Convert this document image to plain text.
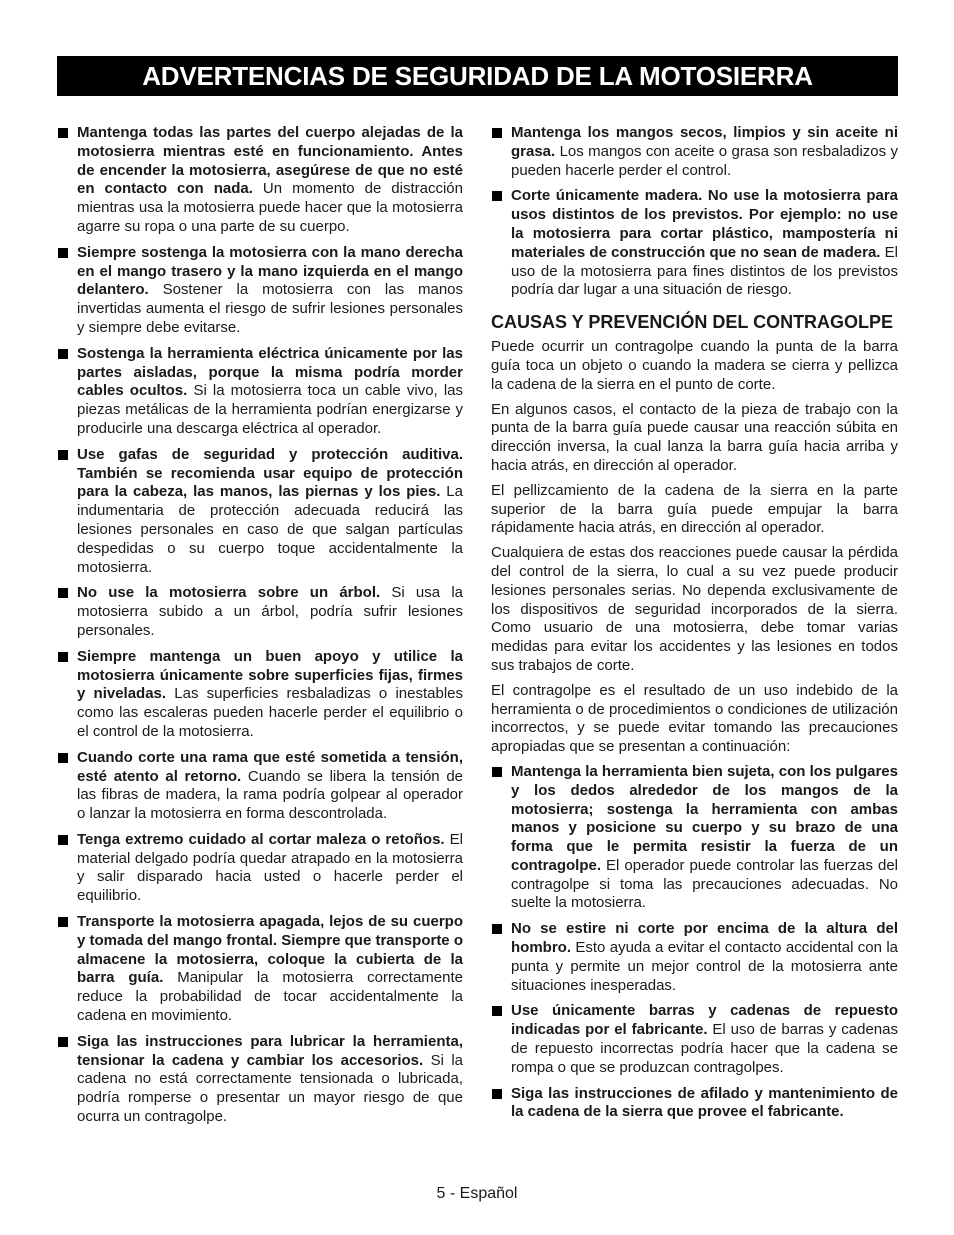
ADVERTENCIAS DE SEGURIDAD DE LA MOTOSIERRA
Mantenga todas las partes del cuerpo alejadas de la motosierra mientras esté en funcionamiento. Antes de encender la motosierra, asegúrese de que no esté en contacto con nada. Un momento de distracción mientras usa la motosierra puede hacer que la motosierra agarre su ropa o una parte de su cuerpo.
Siempre sostenga la motosierra con la mano derecha en el mango trasero y la mano izquierda en el mango delantero. Sostener la motosierra con las manos invertidas aumenta el riesgo de sufrir lesiones personales y siempre debe evitarse.
Sostenga la herramienta eléctrica únicamente por las partes aisladas, porque la misma podría morder cables ocultos. Si la motosierra toca un cable vivo, las piezas metálicas de la herramienta podrían energizarse y producirle una descarga eléctrica al operador.
Use gafas de seguridad y protección auditiva. También se recomienda usar equipo de protección para la cabeza, las manos, las piernas y los pies. La indumentaria de protección adecuada reducirá las lesiones personales en caso de que salgan partículas despedidas o su cuerpo toque accidentalmente la motosierra.
No use la motosierra sobre un árbol. Si usa la motosierra subido a un árbol, podría sufrir lesiones personales.
Siempre mantenga un buen apoyo y utilice la motosierra únicamente sobre superficies fijas, firmes y niveladas. Las superficies resbaladizas o inestables como las escaleras pueden hacerle perder el equilibrio o el control de la motosierra.
Cuando corte una rama que esté sometida a tensión, esté atento al retorno. Cuando se libera la tensión de las fibras de madera, la rama podría golpear al operador o lanzar la motosierra en forma descontrolada.
Tenga extremo cuidado al cortar maleza o retoños. El material delgado podría quedar atrapado en la motosierra y salir disparado hacia usted o hacerle perder el equilibrio.
Transporte la motosierra apagada, lejos de su cuerpo y tomada del mango frontal. Siempre que transporte o almacene la motosierra, coloque la cubierta de la barra guía. Manipular la motosierra correctamente reduce la probabilidad de tocar accidentalmente la cadena en movimiento.
Siga las instrucciones para lubricar la herramienta, tensionar la cadena y cambiar los accesorios. Si la cadena no está correctamente tensionada o lubricada, podría romperse o presentar un mayor riesgo de que ocurra un contragolpe.
Mantenga los mangos secos, limpios y sin aceite ni grasa. Los mangos con aceite o grasa son resbaladizos y pueden hacerle perder el control.
Corte únicamente madera. No use la motosierra para usos distintos de los previstos. Por ejemplo: no use la motosierra para cortar plástico, mampostería ni materiales de construcción que no sean de madera. El uso de la motosierra para fines distintos de los previstos podría dar lugar a una situación de riesgo.
CAUSAS Y PREVENCIÓN DEL CONTRAGOLPE
Puede ocurrir un contragolpe cuando la punta de la barra guía toca un objeto o cuando la madera se cierra y pellizca la cadena de la sierra en el punto de corte.
En algunos casos, el contacto de la pieza de trabajo con la punta de la barra guía puede causar una reacción súbita en dirección inversa, la cual lanza la barra guía hacia arriba y hacia atrás, en dirección al operador.
El pellizcamiento de la cadena de la sierra en la parte superior de la barra guía puede empujar la barra rápidamente hacia atrás, en dirección al operador.
Cualquiera de estas dos reacciones puede causar la pérdida del control de la sierra, lo cual a su vez puede producir lesiones personales serias. No dependa exclusivamente de los dispositivos de seguridad incorporados de la sierra. Como usuario de una motosierra, debe tomar varias medidas para evitar los accidentes y las lesiones en todos sus trabajos de corte.
El contragolpe es el resultado de un uso indebido de la herramienta o de procedimientos o condiciones de utilización incorrectos, y se puede evitar tomando las precauciones apropiadas que se presentan a continuación:
Mantenga la herramienta bien sujeta, con los pulgares y los dedos alrededor de los mangos de la motosierra; sostenga la herramienta con ambas manos y posicione su cuerpo y su brazo de una forma que le permita resistir la fuerza de un contragolpe. El operador puede controlar las fuerzas del contragolpe si toma las precauciones adecuadas. No suelte la motosierra.
No se estire ni corte por encima de la altura del hombro. Esto ayuda a evitar el contacto accidental con la punta y permite un mejor control de la motosierra ante situaciones inesperadas.
Use únicamente barras y cadenas de repuesto indicadas por el fabricante. El uso de barras y cadenas de repuesto incorrectas podría hacer que la cadena se rompa o que se produzcan contragolpes.
Siga las instrucciones de afilado y mantenimiento de la cadena de la sierra que provee el fabricante.
5 - Español
